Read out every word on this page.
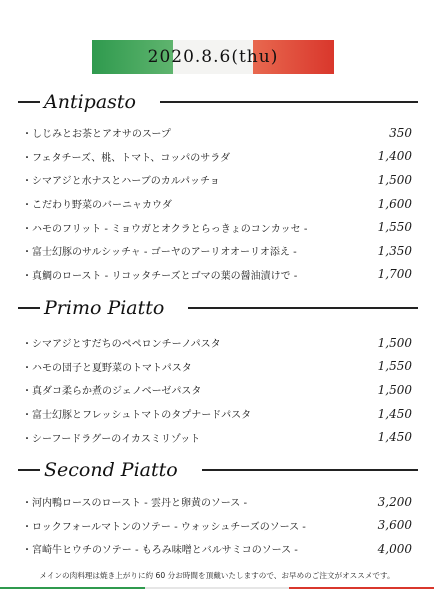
2020.8.6(thu)
Antipasto
・しじみとお茶とアオサのスープ	350
・フェタチーズ、桃、トマト、コッパのサラダ	1,400
・シマアジと水ナスとハーブのカルパッチョ	1,500
・こだわり野菜のバーニャカウダ	1,600
・ハモのフリット - ミョウガとオクラとらっきょのコンカッセ -	1,550
・富士幻豚のサルシッチャ - ゴーヤのアーリオオーリオ添え -	1,350
・真鯛のロースト - リコッタチーズとゴマの葉の醤油漬けで -	1,700
Primo Piatto
・シマアジとすだちのペペロンチーノパスタ	1,500
・ハモの団子と夏野菜のトマトパスタ	1,550
・真ダコ柔らか煮のジェノベーゼパスタ	1,500
・富士幻豚とフレッシュトマトのタプナードパスタ	1,450
・シーフードラグーのイカスミリゾット	1,450
Second Piatto
・河内鴨ロースのロースト - 雲丹と卵黄のソース -	3,200
・ロックフォールマトンのソテー - ウォッシュチーズのソース -	3,600
・宮崎牛ヒウチのソテー - もろみ味噌とバルサミコのソース -	4,000
メインの肉料理は焼き上がりに約 60 分お時間を頂戴いたしますので、お早めのご注文がオススメです。
